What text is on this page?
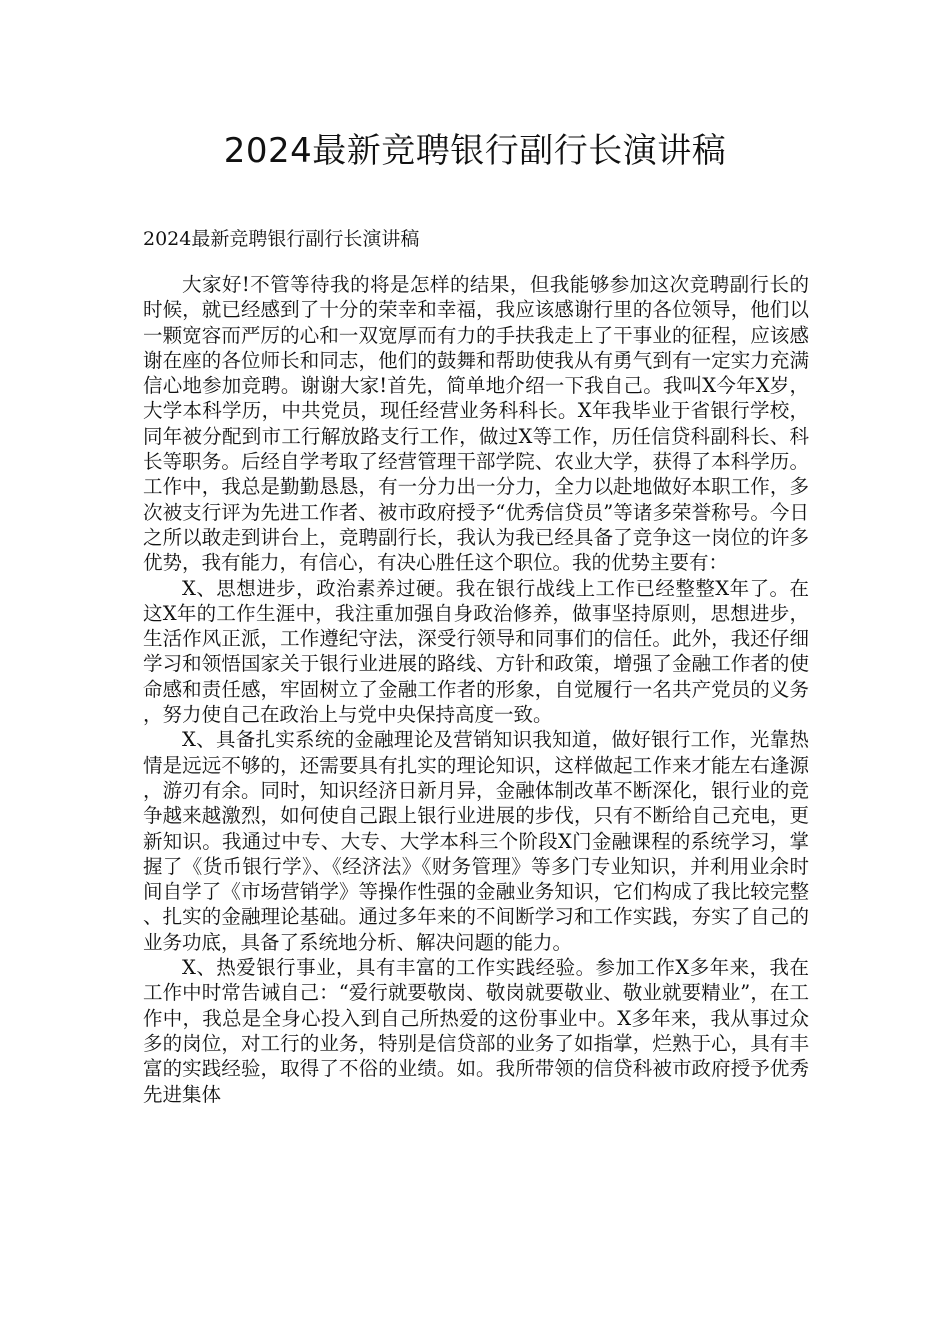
2024最新竞聘银行副行长演讲稿

2024最新竞聘银行副行长演讲稿

大家好!不管等待我的将是怎样的结果，但我能够参加这次竞聘副行长的时候，就已经感到了十分的荣幸和幸福，我应该感谢行里的各位领导，他们以一颗宽容而严厉的心和一双宽厚而有力的手扶我走上了干事业的征程，应该感谢在座的各位师长和同志，他们的鼓舞和帮助使我从有勇气到有一定实力充满信心地参加竞聘。谢谢大家!首先，简单地介绍一下我自己。我叫X今年X岁，大学本科学历，中共党员，现任经营业务科科长。X年我毕业于省银行学校，同年被分配到市工行解放路支行工作，做过X等工作，历任信贷科副科长、科长等职务。后经自学考取了经营管理干部学院、农业大学，获得了本科学历。工作中，我总是勤勤恳恳，有一分力出一分力，全力以赴地做好本职工作，多次被支行评为先进工作者、被市政府授予“优秀信贷员”等诸多荣誉称号。今日之所以敢走到讲台上，竞聘副行长，我认为我已经具备了竞争这一岗位的许多优势，我有能力，有信心，有决心胜任这个职位。我的优势主要有：

X、思想进步，政治素养过硬。我在银行战线上工作已经整整X年了。在这X年的工作生涯中，我注重加强自身政治修养，做事坚持原则，思想进步，生活作风正派，工作遵纪守法，深受行领导和同事们的信任。此外，我还仔细学习和领悟国家关于银行业进展的路线、方针和政策，增强了金融工作者的使命感和责任感，牢固树立了金融工作者的形象，自觉履行一名共产党员的义务，努力使自己在政治上与党中央保持高度一致。

X、具备扎实系统的金融理论及营销知识我知道，做好银行工作，光靠热情是远远不够的，还需要具有扎实的理论知识，这样做起工作来才能左右逢源，游刃有余。同时，知识经济日新月异，金融体制改革不断深化，银行业的竞争越来越激烈，如何使自己跟上银行业进展的步伐，只有不断给自己充电，更新知识。我通过中专、大专、大学本科三个阶段X门金融课程的系统学习，掌握了《货币银行学》、《经济法》《财务管理》等多门专业知识，并利用业余时间自学了《市场营销学》等操作性强的金融业务知识，它们构成了我比较完整、扎实的金融理论基础。通过多年来的不间断学习和工作实践，夯实了自己的业务功底，具备了系统地分析、解决问题的能力。

X、热爱银行事业，具有丰富的工作实践经验。参加工作X多年来，我在工作中时常告诫自己：“爱行就要敬岗、敬岗就要敬业、敬业就要精业”，在工作中，我总是全身心投入到自己所热爱的这份事业中。X多年来，我从事过众多的岗位，对工行的业务，特别是信贷部的业务了如指掌，烂熟于心，具有丰富的实践经验，取得了不俗的业绩。如。我所带领的信贷科被市政府授予优秀先进集体
